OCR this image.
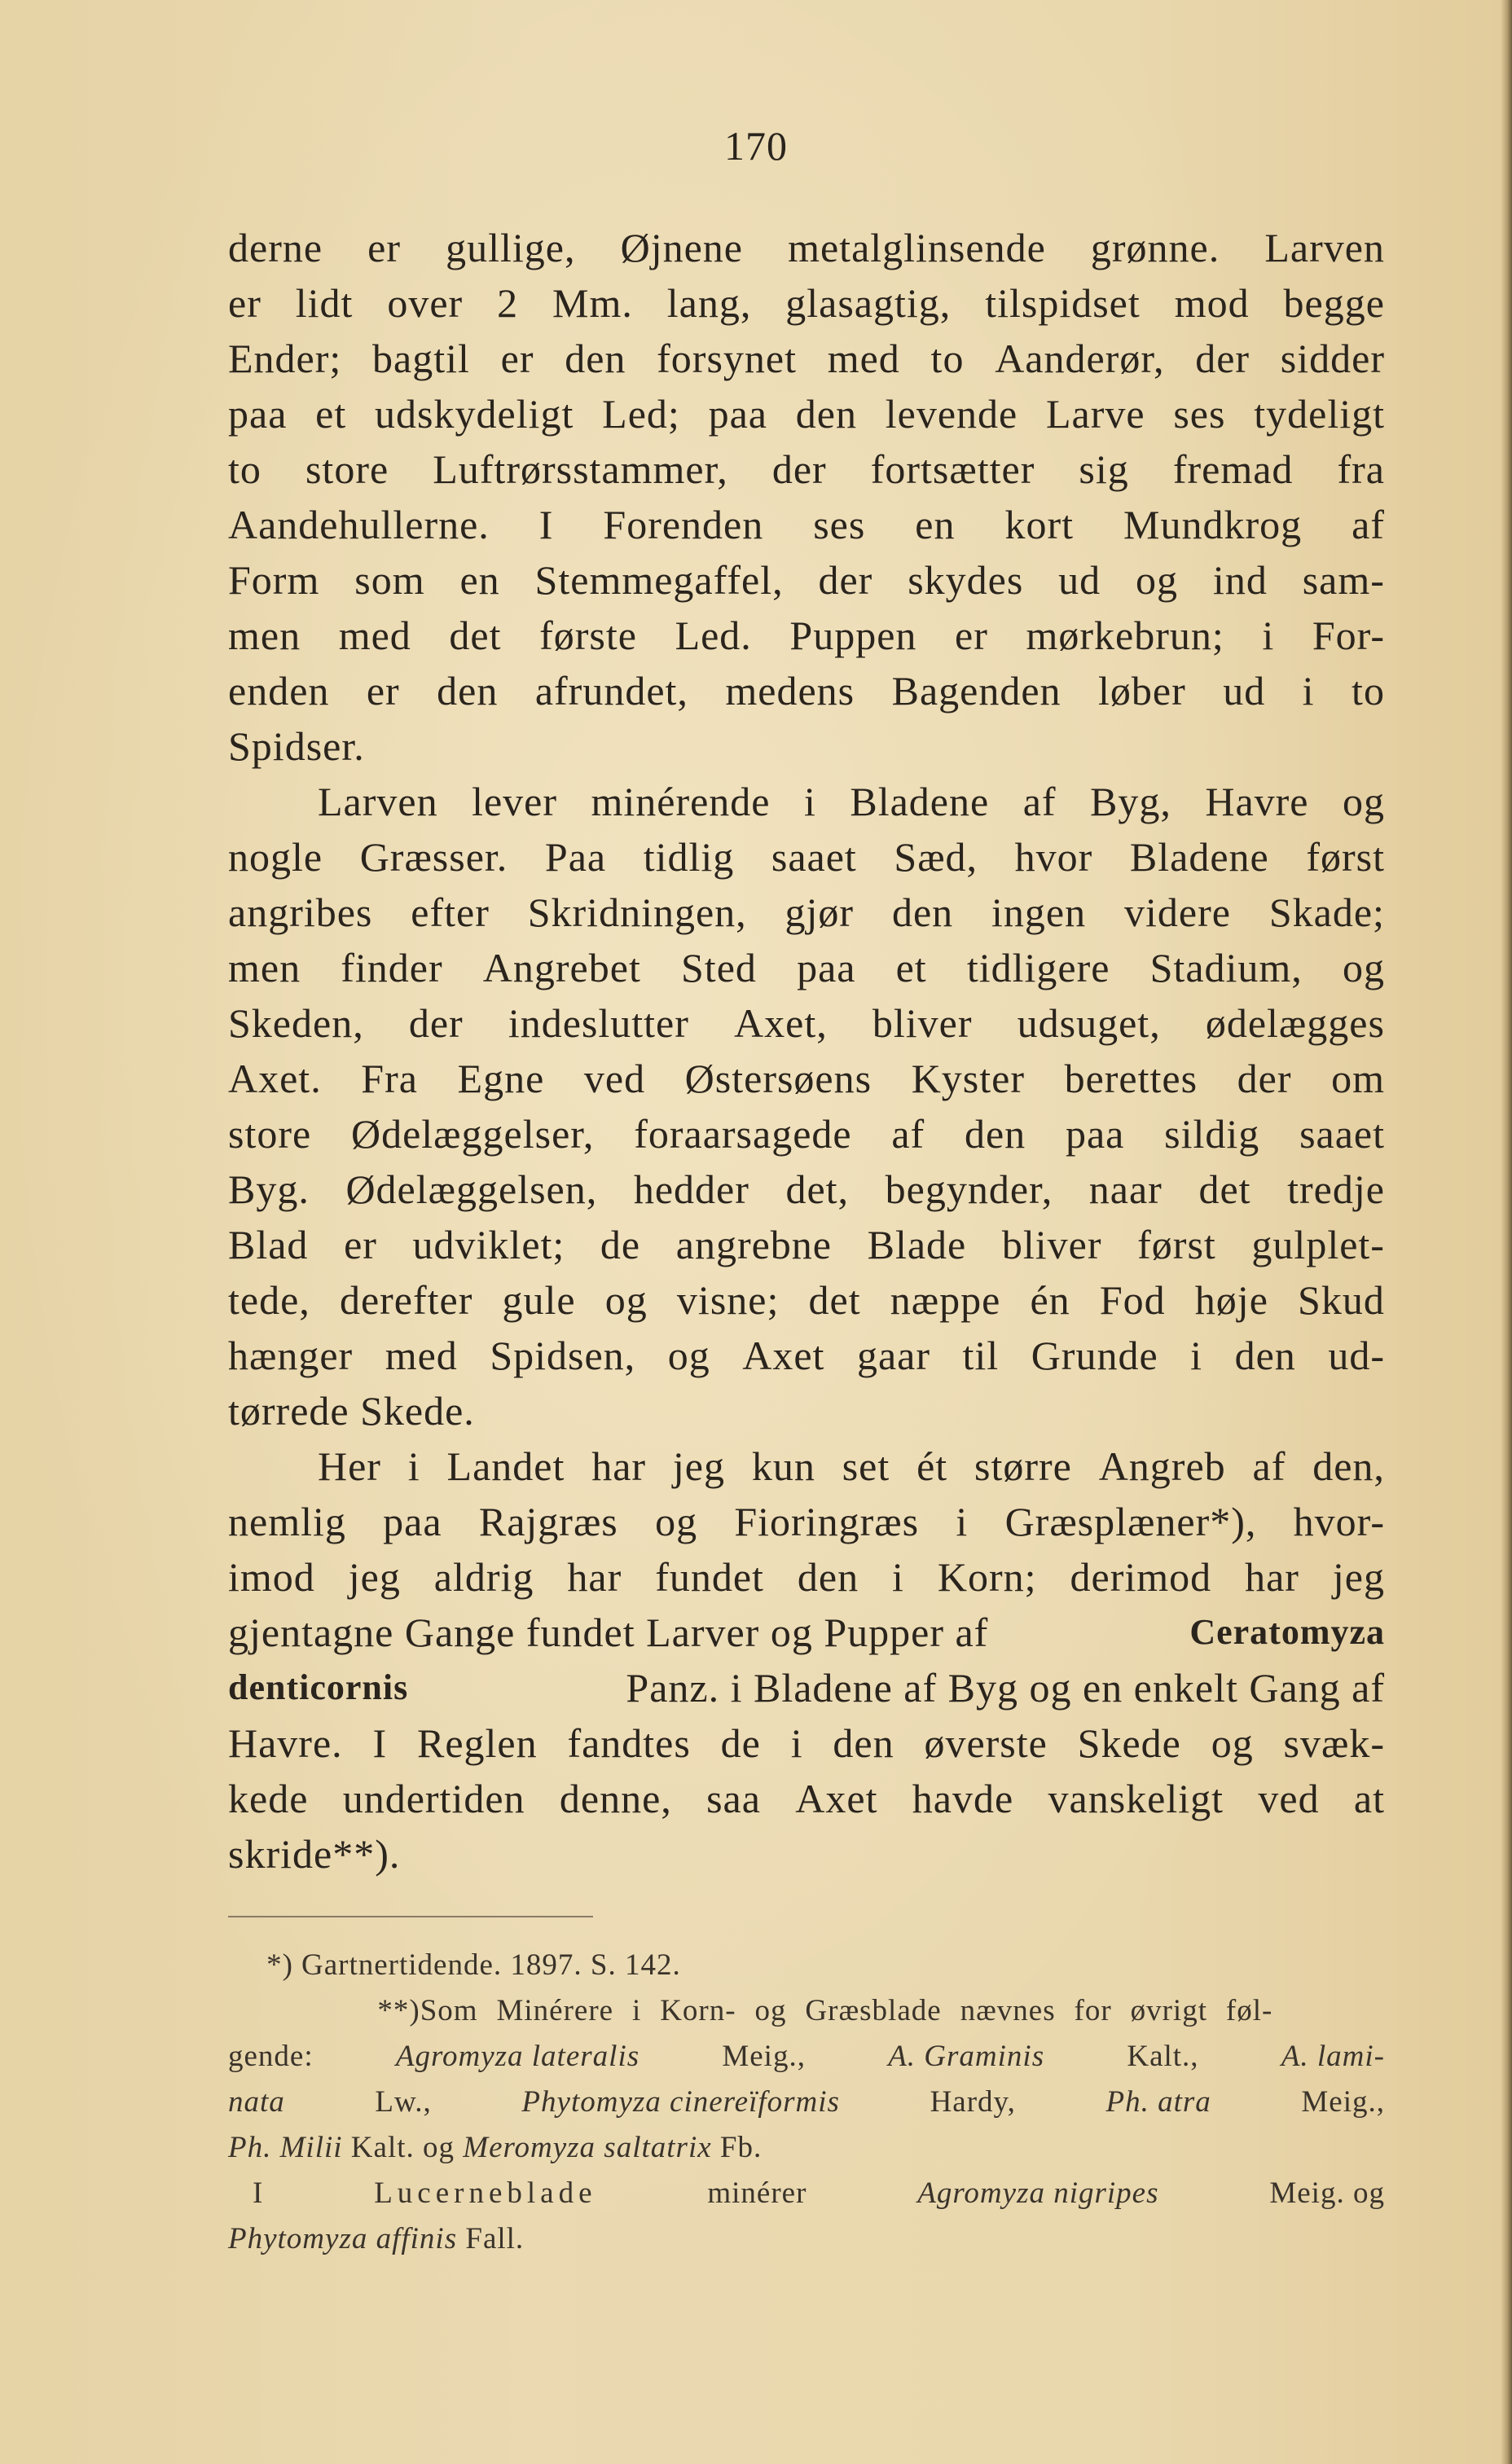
170
derne er gullige, Øjnene metalglinsende grønne. Larven
er lidt over 2 Mm. lang, glasagtig, tilspidset mod begge
Ender; bagtil er den forsynet med to Aanderør, der sidder
paa et udskydeligt Led; paa den levende Larve ses tydeligt
to store Luftrørsstammer, der fortsætter sig fremad fra
Aandehullerne. I Forenden ses en kort Mundkrog af
Form som en Stemmegaffel, der skydes ud og ind sam-
men med det første Led. Puppen er mørkebrun; i For-
enden er den afrundet, medens Bagenden løber ud i to
Spidser.
Larven lever minérende i Bladene af Byg, Havre og
nogle Græsser. Paa tidlig saaet Sæd, hvor Bladene først
angribes efter Skridningen, gjør den ingen videre Skade;
men finder Angrebet Sted paa et tidligere Stadium, og
Skeden, der indeslutter Axet, bliver udsuget, ødelægges
Axet. Fra Egne ved Østersøens Kyster berettes der om
store Ødelæggelser, foraarsagede af den paa sildig saaet
Byg. Ødelæggelsen, hedder det, begynder, naar det tredje
Blad er udviklet; de angrebne Blade bliver først gulplet-
tede, derefter gule og visne; det næppe én Fod høje Skud
hænger med Spidsen, og Axet gaar til Grunde i den ud-
tørrede Skede.
Her i Landet har jeg kun set ét større Angreb af den,
nemlig paa Rajgræs og Fioringræs i Græsplæner*), hvor-
imod jeg aldrig har fundet den i Korn; derimod har jeg
gjentagne Gange fundet Larver og Pupper af	Ceratomyza
denticornis	Panz. i Bladene af Byg og en enkelt Gang af
Havre. I Reglen fandtes de i den øverste Skede og svæk-
kede undertiden denne, saa Axet havde vanskeligt ved at
skride**).
*) Gartnertidende. 1897. S. 142.
**)Som Minérere i Korn- og Græsblade nævnes for øvrigt føl-
gende:	Agromyza lateralis	Meig.,	A. Graminis	Kalt.,	A. lami-
nata	Lw.,	Phytomyza cinereïformis	Hardy,	Ph. atra	Meig.,
Ph. Milii
Kalt. og
Meromyza saltatrix
Fb.
I	Lucerneblade	minérer	Agromyza nigripes	Meig. og
Phytomyza affinis
Fall.
